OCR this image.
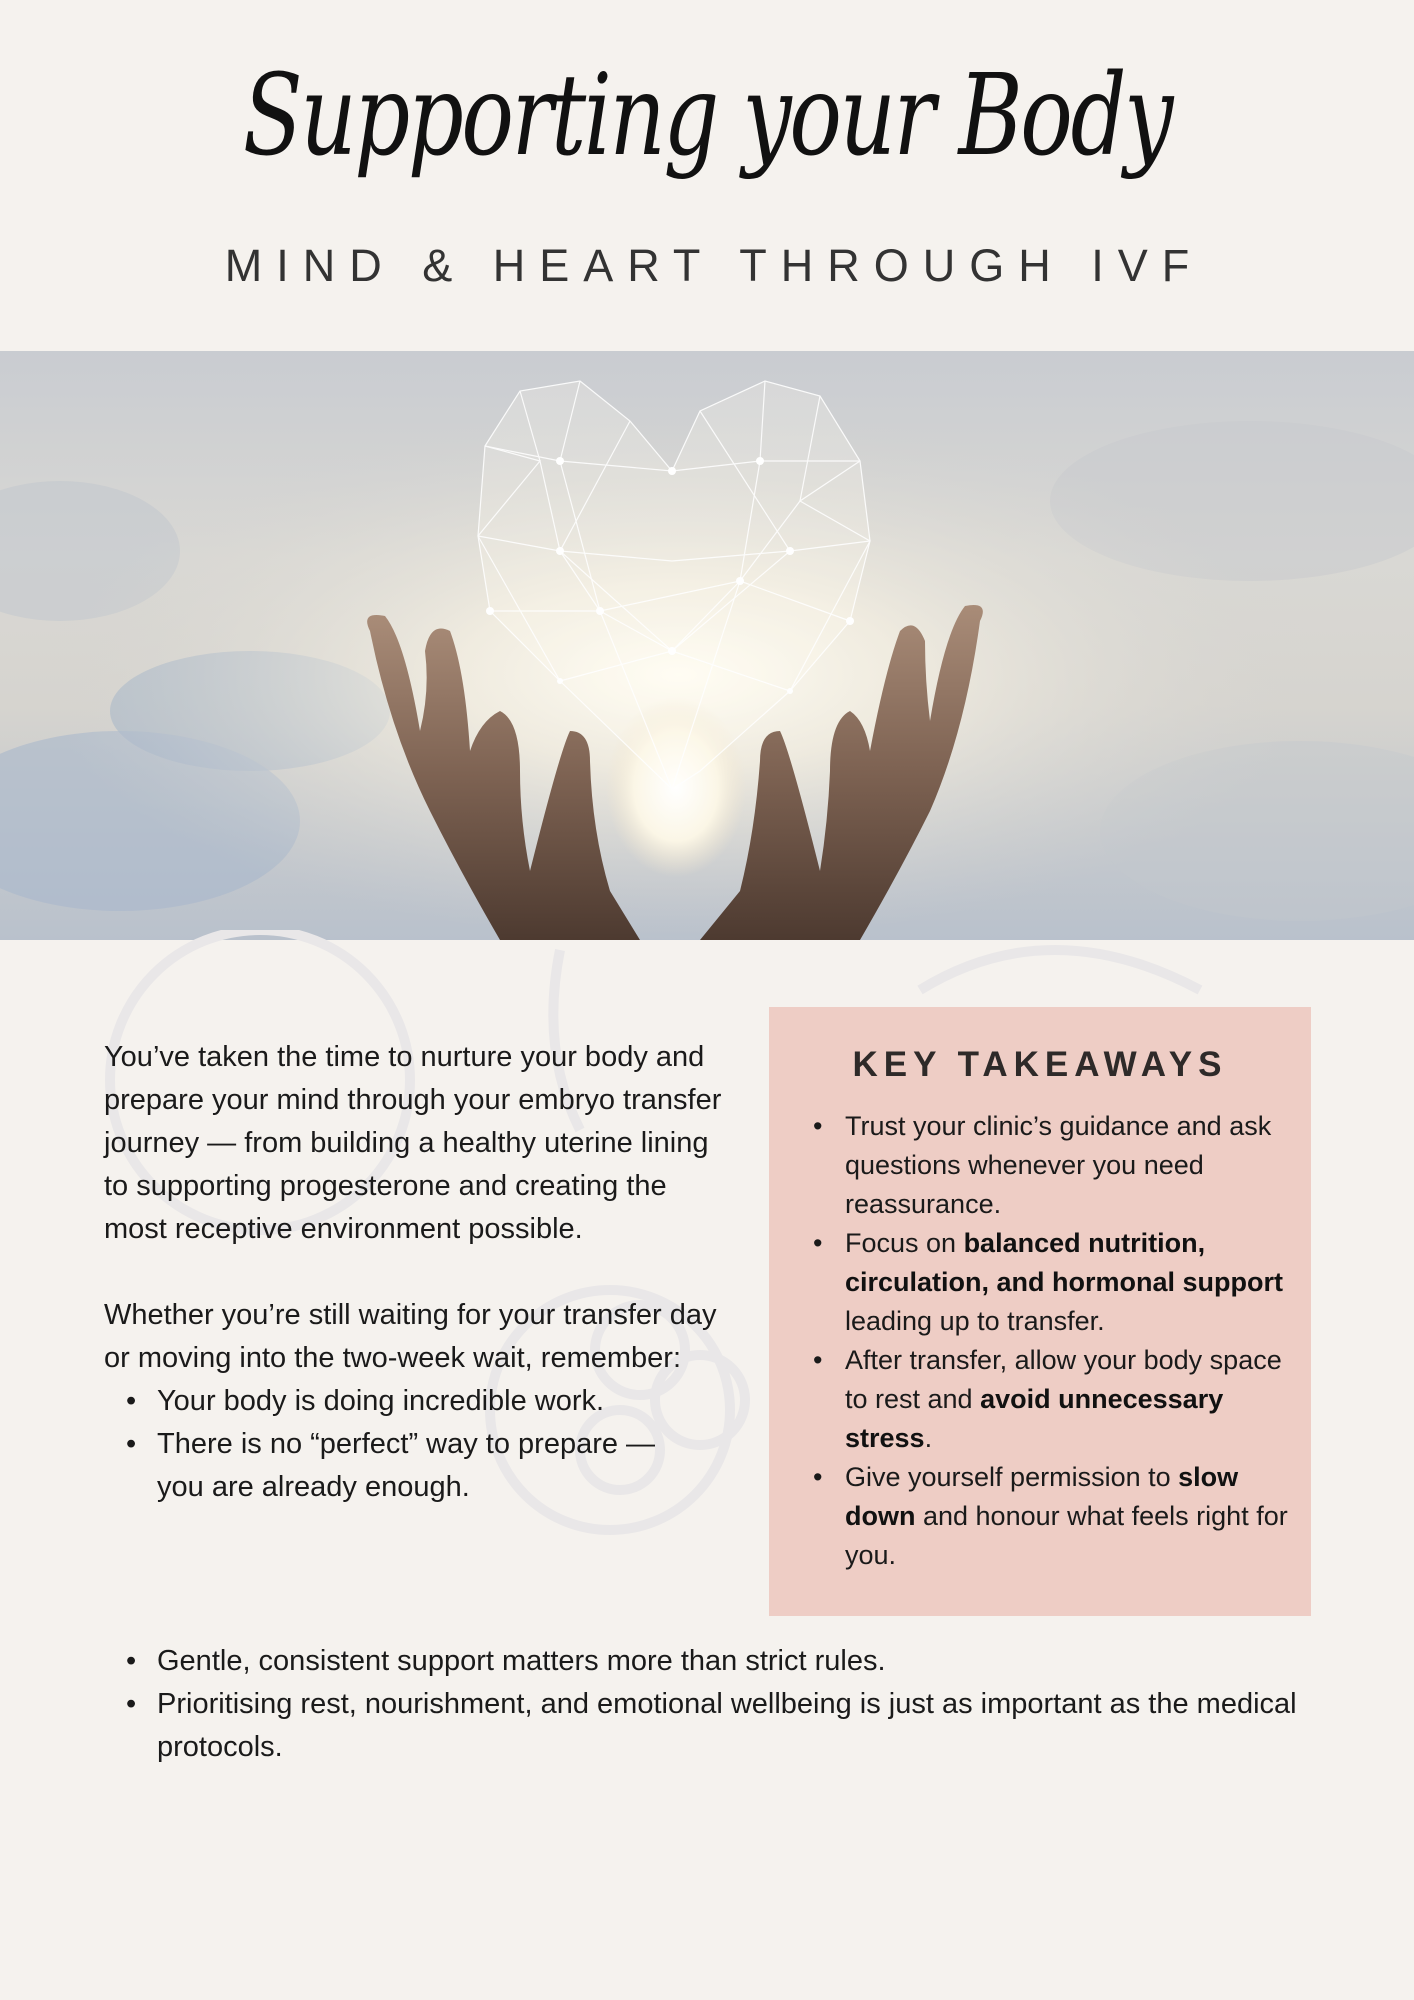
Supporting your Body
MIND & HEART THROUGH IVF

You’ve taken the time to nurture your body and prepare your mind through your embryo transfer journey — from building a healthy uterine lining to supporting progesterone and creating the most receptive environment possible.

Whether you’re still waiting for your transfer day or moving into the two-week wait, remember:

• Your body is doing incredible work.
• There is no “perfect” way to prepare — you are already enough.
• Gentle, consistent support matters more than strict rules.
• Prioritising rest, nourishment, and emotional wellbeing is just as important as the medical protocols.
KEY TAKEAWAYS
• Trust your clinic’s guidance and ask questions whenever you need reassurance.
• Focus on balanced nutrition, circulation, and hormonal support leading up to transfer.
• After transfer, allow your body space to rest and avoid unnecessary stress.
• Give yourself permission to slow down and honour what feels right for you.
